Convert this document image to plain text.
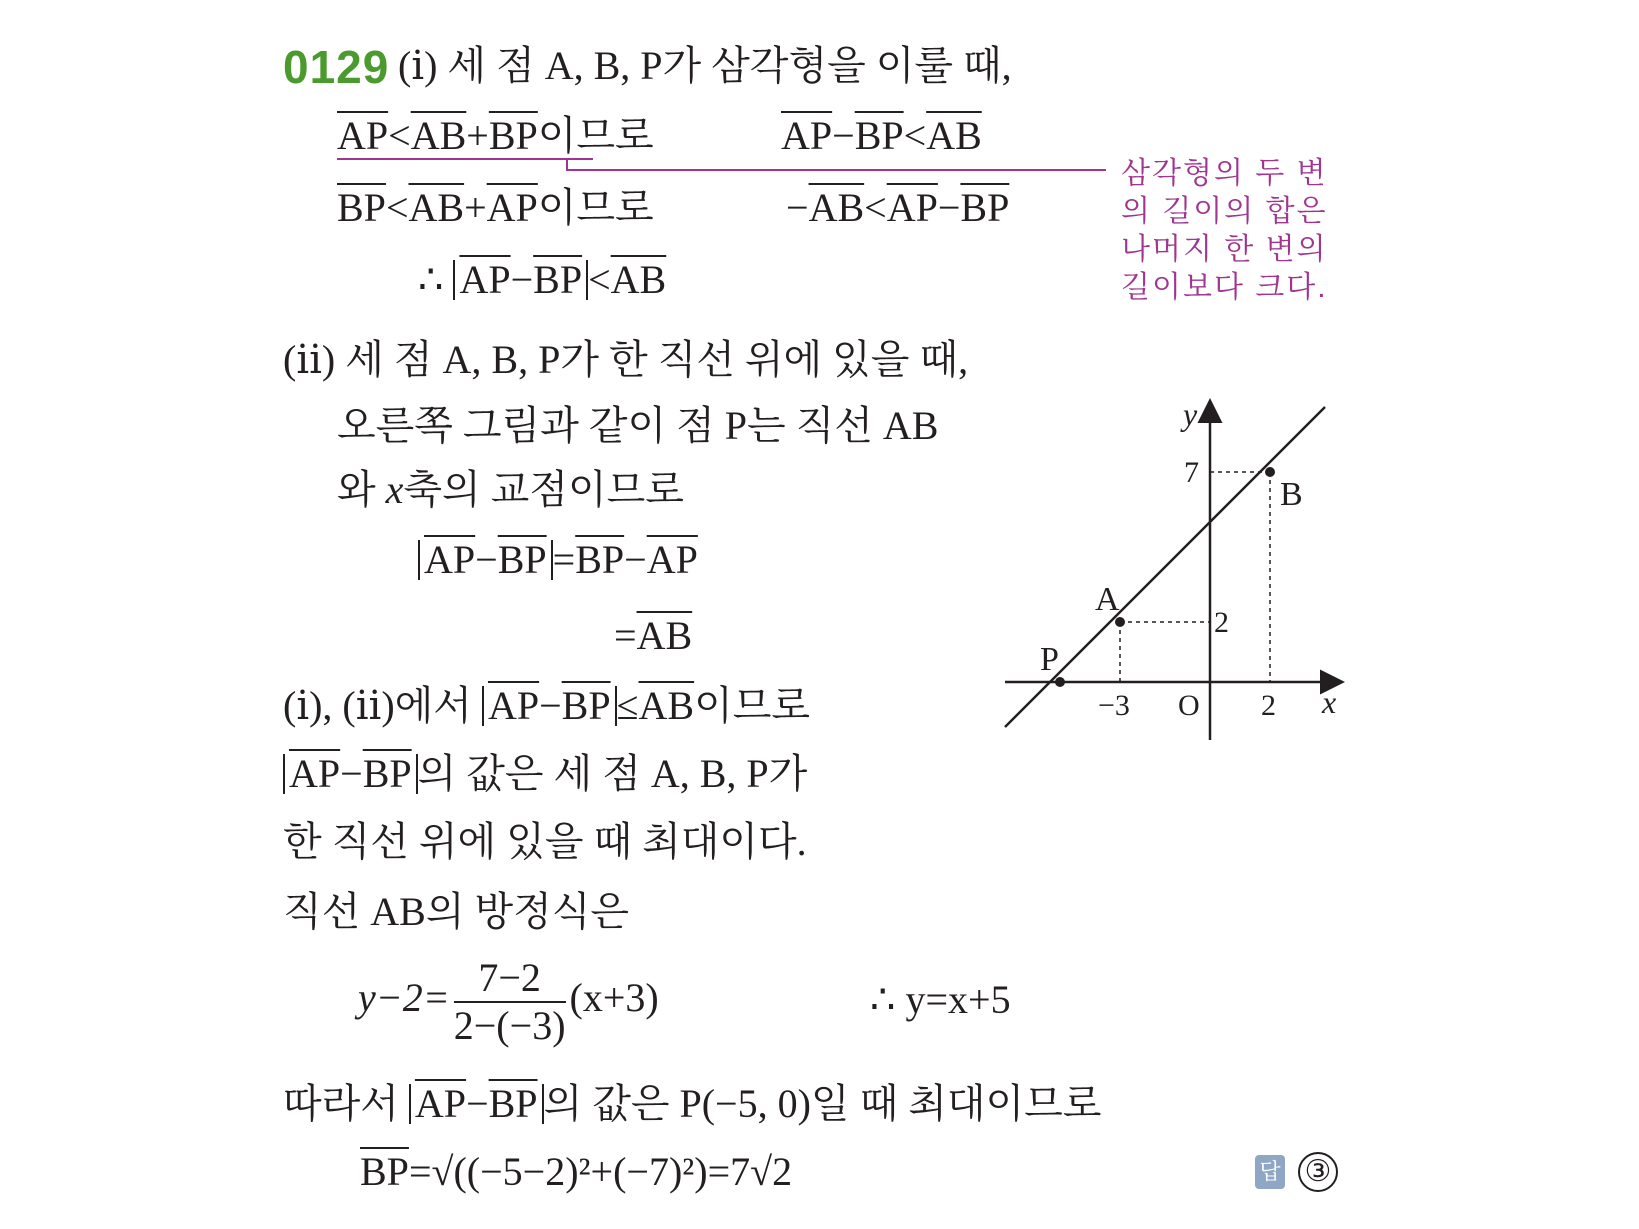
0129 (ⅰ) 세 점 A, B, P가 삼각형을 이룰 때,
$\overline{AP}<\overline{AB}+\overline{BP}$이므로	$\overline{AP}-\overline{BP}<\overline{AB}$
$\overline{BP}<\overline{AB}+\overline{AP}$이므로	$-\overline{AB}<\overline{AP}-\overline{BP}$
∴ $\overline{AP}-\overline{BP} <\overline{AB}$
삼각형의 두 변의 길이의 합은 나머지 한 변의 길이보다 크다.
(ⅱ) 세 점 A, B, P가 한 직선 위에 있을 때,
오른쪽 그림과 같이 점 P는 직선 AB
와 x축의 교점이므로
$\overline{AP}-\overline{BP} =\overline{BP}-\overline{AP}$
$=\overline{AB}$
(ⅰ), (ⅱ)에서 $\overline{AP}-\overline{BP} \le\overline{AB}$이므로
$\overline{AP}-\overline{BP}$ 의 값은 세 점 A, B, P가
한 직선 위에 있을 때 최대이다.
직선 AB의 방정식은
$y-2= \frac{7-2}{2-(-3)} (x+3)$	∴ y=x+5
따라서 $\overline{AP}-\overline{BP}$ 의 값은 P(−5, 0)일 때 최대이므로
$\overline{BP}=√((-5-2)^2+(-7)^2)=7√2$	답 ③
A
B
P
7
2
−3	2
O	x
y
